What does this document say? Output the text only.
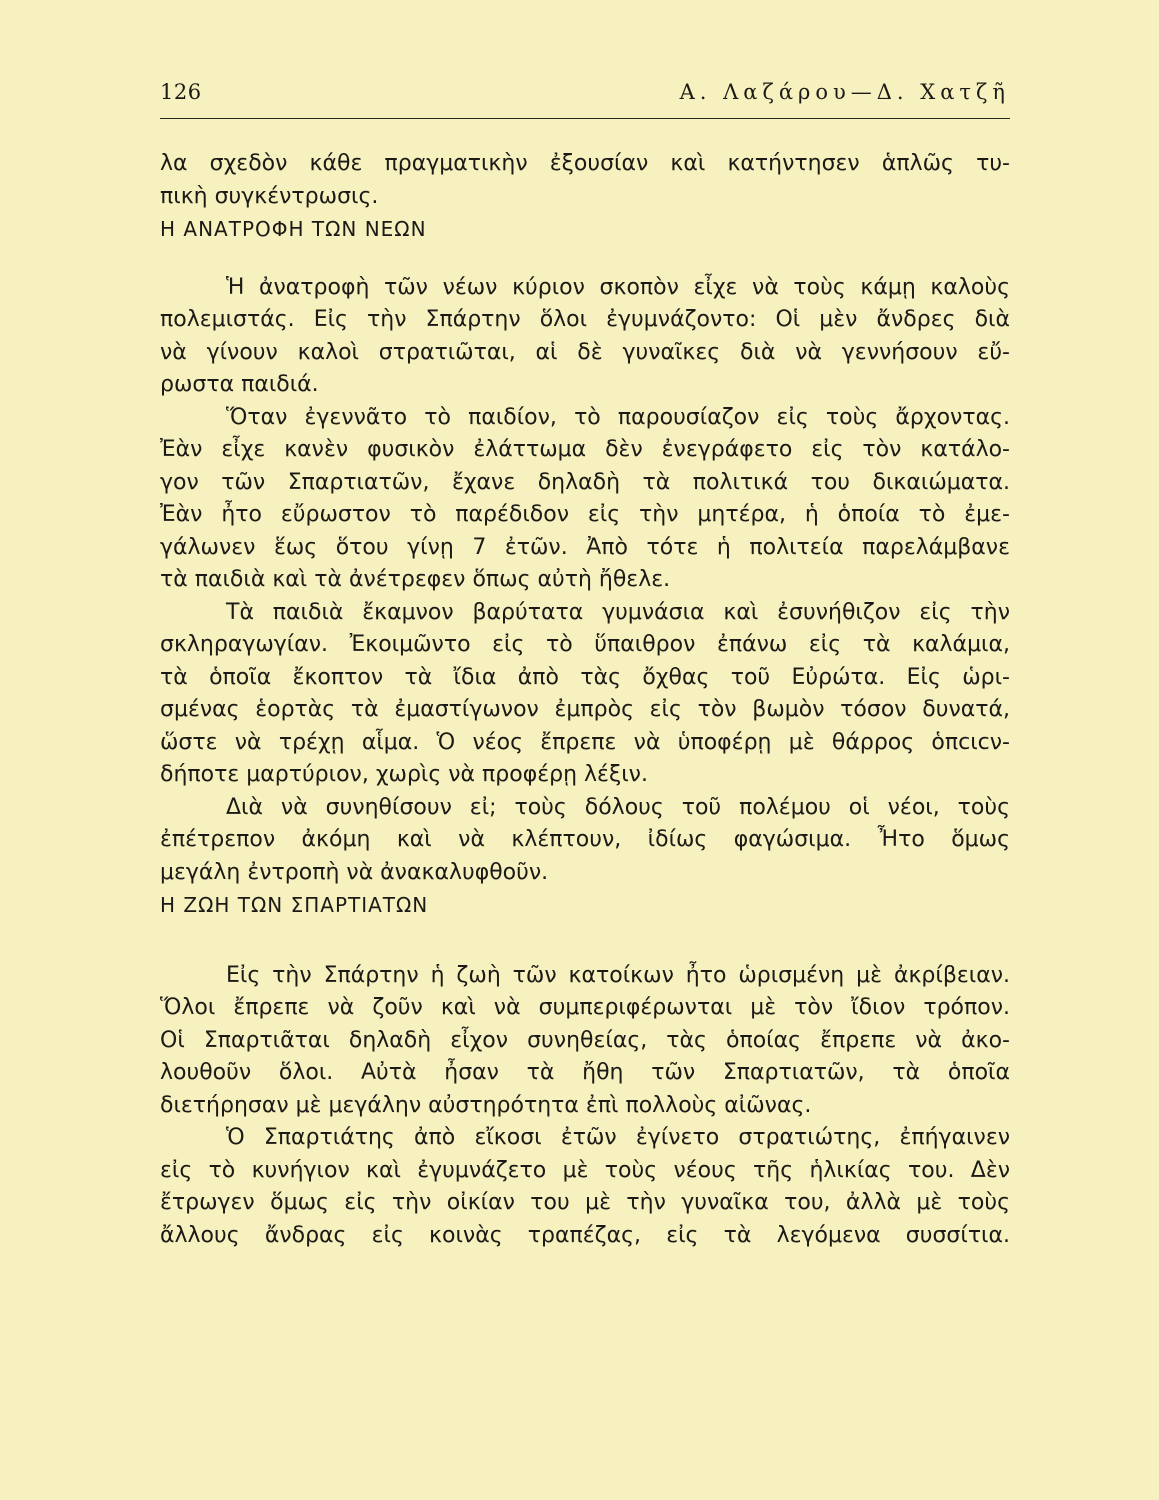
126	Α. Λαζάρου—Δ. Χατζῆ

λα σχεδὸν κάθε πραγματικὴν ἐξουσίαν καὶ κατήντησεν ἁπλῶς τυ-

πικὴ συγκέντρωσις.

Η ΑΝΑΤΡΟΦΗ ΤΩΝ ΝΕΩΝ

Ἡ ἀνατροφὴ τῶν νέων κύριον σκοπὸν εἶχε νὰ τοὺς κάμῃ καλοὺς

πολεμιστάς. Εἰς τὴν Σπάρτην ὅλοι ἐγυμνάζοντο: Οἱ μὲν ἄνδρες διὰ

νὰ γίνουν καλοὶ στρατιῶται, αἱ δὲ γυναῖκες διὰ νὰ γεννήσουν εὔ-

ρωστα παιδιά.

Ὅταν ἐγεννᾶτο τὸ παιδίον, τὸ παρουσίαζον εἰς τοὺς ἄρχοντας.

Ἐὰν εἶχε κανὲν φυσικὸν ἐλάττωμα δὲν ἐνεγράφετο εἰς τὸν κατάλο-

γον τῶν Σπαρτιατῶν, ἔχανε δηλαδὴ τὰ πολιτικά του δικαιώματα.

Ἐὰν ἦτο εὔρωστον τὸ παρέδιδον εἰς τὴν μητέρα, ἡ ὁποία τὸ ἐμε-

γάλωνεν ἕως ὅτου γίνῃ 7 ἐτῶν. Ἀπὸ τότε ἡ πολιτεία παρελάμβανε

τὰ παιδιὰ καὶ τὰ ἀνέτρεφεν ὅπως αὐτὴ ἤθελε.

Τὰ παιδιὰ ἔκαμνον βαρύτατα γυμνάσια καὶ ἐσυνήθιζον εἰς τὴν

σκληραγωγίαν. Ἐκοιμῶντο εἰς τὸ ὕπαιθρον ἐπάνω εἰς τὰ καλάμια,

τὰ ὁποῖα ἔκοπτον τὰ ἴδια ἀπὸ τὰς ὄχθας τοῦ Εὐρώτα. Εἰς ὡρι-

σμένας ἑορτὰς τὰ ἐμαστίγωνον ἐμπρὸς εἰς τὸν βωμὸν τόσον δυνατά,

ὥστε νὰ τρέχῃ αἷμα. Ὁ νέος ἔπρεπε νὰ ὑποφέρῃ μὲ θάρρος ὁπcιcν-

δήποτε μαρτύριον, χωρὶς νὰ προφέρῃ λέξιν.

Διὰ νὰ συνηθίσουν εἰ; τοὺς δόλους τοῦ πολέμου οἱ νέοι, τοὺς

ἐπέτρεπον ἀκόμη καὶ νὰ κλέπτουν, ἰδίως φαγώσιμα. Ἦτο ὅμως

μεγάλη ἐντροπὴ νὰ ἀνακαλυφθοῦν.

Η ΖΩΗ ΤΩΝ ΣΠΑΡΤΙΑΤΩΝ

Εἰς τὴν Σπάρτην ἡ ζωὴ τῶν κατοίκων ἦτο ὡρισμένη μὲ ἀκρίβειαν.

Ὅλοι ἔπρεπε νὰ ζοῦν καὶ νὰ συμπεριφέρωνται μὲ τὸν ἴδιον τρόπον.

Οἱ Σπαρτιᾶται δηλαδὴ εἶχον συνηθείας, τὰς ὁποίας ἔπρεπε νὰ ἀκο-

λουθοῦν ὅλοι. Αὐτὰ ἦσαν τὰ ἤθη τῶν Σπαρτιατῶν, τὰ ὁποῖα

διετήρησαν μὲ μεγάλην αὐστηρότητα ἐπὶ πολλοὺς αἰῶνας.

Ὁ Σπαρτιάτης ἀπὸ εἴκοσι ἐτῶν ἐγίνετο στρατιώτης, ἐπήγαινεν

εἰς τὸ κυνήγιον καὶ ἐγυμνάζετο μὲ τοὺς νέους τῆς ἡλικίας του. Δὲν

ἔτρωγεν ὅμως εἰς τὴν οἰκίαν του μὲ τὴν γυναῖκα του, ἀλλὰ μὲ τοὺς

ἄλλους ἄνδρας εἰς κοινὰς τραπέζας, εἰς τὰ λεγόμενα συσσίτια.
